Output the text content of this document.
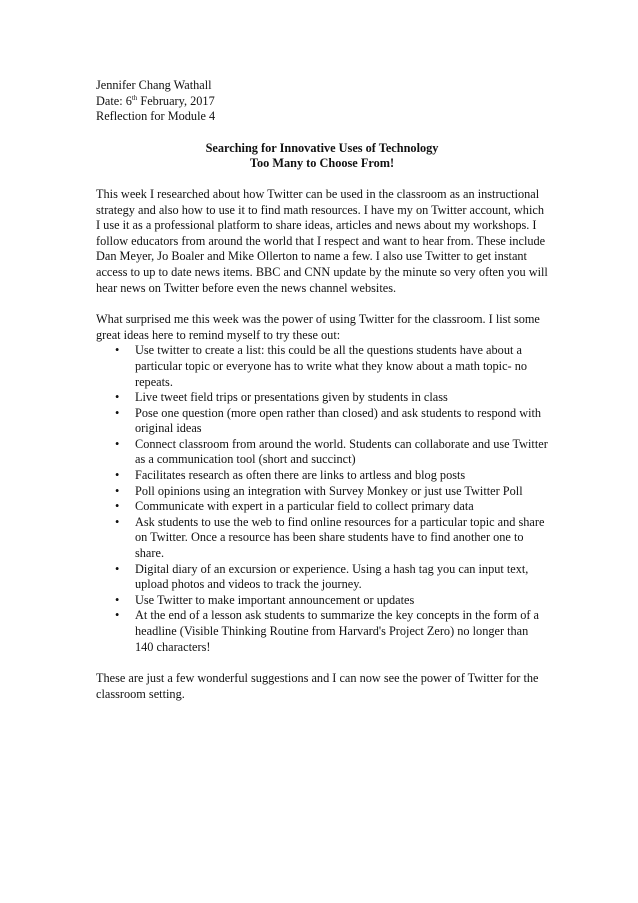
Jennifer Chang Wathall
Date: 6th February, 2017
Reflection for Module 4
Searching for Innovative Uses of Technology
Too Many to Choose From!
This week I researched about how Twitter can be used in the classroom as an instructional strategy and also how to use it to find math resources. I have my on Twitter account, which I use it as a professional platform to share ideas, articles and news about my workshops. I follow educators from around the world that I respect and want to hear from. These include Dan Meyer, Jo Boaler and Mike Ollerton to name a few. I also use Twitter to get instant access to up to date news items. BBC and CNN update by the minute so very often you will hear news on Twitter before even the news channel websites.
What surprised me this week was the power of using Twitter for the classroom. I list some great ideas here to remind myself to try these out:
• Use twitter to create a list: this could be all the questions students have about a particular topic or everyone has to write what they know about a math topic- no repeats.
• Live tweet field trips or presentations given by students in class
• Pose one question (more open rather than closed) and ask students to respond with original ideas
• Connect classroom from around the world. Students can collaborate and use Twitter as a communication tool (short and succinct)
• Facilitates research as often there are links to artless and blog posts
• Poll opinions using an integration with Survey Monkey or just use Twitter Poll
• Communicate with expert in a particular field to collect primary data
• Ask students to use the web to find online resources for a particular topic and share on Twitter. Once a resource has been share students have to find another one to share.
• Digital diary of an excursion or experience. Using a hash tag you can input text, upload photos and videos to track the journey.
• Use Twitter to make important announcement or updates
• At the end of a lesson ask students to summarize the key concepts in the form of a headline (Visible Thinking Routine from Harvard's Project Zero) no longer than 140 characters!
These are just a few wonderful suggestions and I can now see the power of Twitter for the classroom setting.
